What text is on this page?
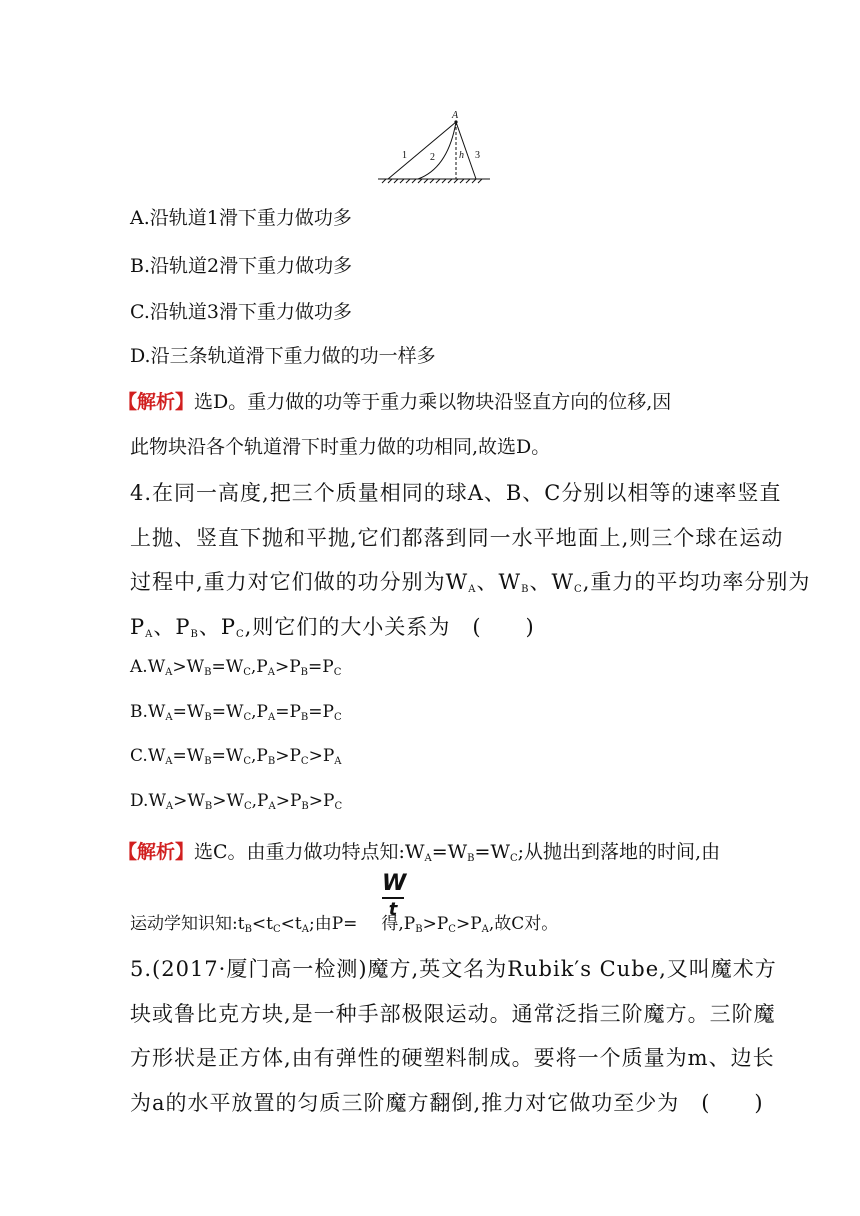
A
1 2 h 3
A.沿轨道1滑下重力做功多
B.沿轨道2滑下重力做功多
C.沿轨道3滑下重力做功多
D.沿三条轨道滑下重力做的功一样多
【解析】选D。重力做的功等于重力乘以物块沿竖直方向的位移,因
此物块沿各个轨道滑下时重力做的功相同,故选D。
4.在同一高度,把三个质量相同的球A、B、C分别以相等的速率竖直
上抛、竖直下抛和平抛,它们都落到同一水平地面上,则三个球在运动
过程中,重力对它们做的功分别为$W_A$、$W_B$、$W_C$,重力的平均功率分别为
$P_A$、$P_B$、$P_C$,则它们的大小关系为　(　　)
$A.W_A>W_B=W_C,P_A>P_B=P_C$
$B.W_A=W_B=W_C,P_A=P_B=P_C$
$C.W_A=W_B=W_C,P_B>P_C>P_A$
$D.W_A>W_B>W_C,P_A>P_B>P_C$
【解析】选C。由重力做功特点知$:W_A=W_B=W_C$;从抛出到落地的时间,由
W
t
运动学知识知$:t_B<t_C<t_A$;由P= 得$,P_B>P_C>P_A$,故C对。
5.(2017·厦门高一检测)魔方,英文名为Rubik′s Cube,又叫魔术方
块或鲁比克方块,是一种手部极限运动。通常泛指三阶魔方。三阶魔
方形状是正方体,由有弹性的硬塑料制成。要将一个质量为m、边长
为a的水平放置的匀质三阶魔方翻倒,推力对它做功至少为　(　　)
